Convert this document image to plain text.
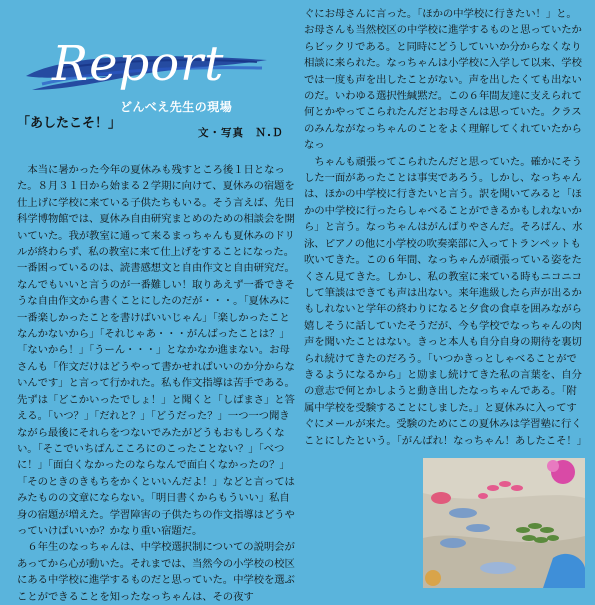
Report
どんべえ先生の現場
「あしたこそ！」
文・写真　Ｎ.Ｄ

本当に暑かった今年の夏休みも残すところ後１日となった。８月３１日から始まる２学期に向けて、夏休みの宿題を仕上げに学校に来ている子供たちもいる。そう言えば、先日科学博物館では、夏休み自由研究まとめのための相談会を開いていた。我が教室に通って来るまっちゃんも夏休みのドリルが終わらず、私の教室に来て仕上げをすることになった。一番困っているのは、読書感想文と自由作文と自由研究だ。なんでもいいと言うのが一番難しい！取りあえず一番できそうな自由作文から書くことにしたのだが・・・。「夏休みに一番楽しかったことを書けばいいじゃん」「楽しかったことなんかないから」「それじゃあ・・・がんばったことは？」「ないから！」「うーん・・・」となかなか進まない。お母さんも「作文だけはどうやって書かせればいいのか分からないんです」と言って行かれた。私も作文指導は苦手である。先ずは「どこかいったでしょ！」と聞くと「しばまさ」と答える。「いつ？」「だれと？」「どうだった？」一つ一つ聞きながら最後にそれらをつないでみたがどうもおもしろくない。「そこでいちばんこころにのこったことない？」「べつに！」「面白くなかったのならなんで面白くなかったの？」「そのときのきもちをかくといいんだよ！」などと言ってはみたものの文章にならない。「明日書くからもういい」私自身の宿題が増えた。学習障害の子供たちの作文指導はどうやっていけばいいか？かなり重い宿題だ。

６年生のなっちゃんは、中学校選択制についての説明会があってから心が動いた。それまでは、当然今の小学校の校区にある中学校に進学するものだと思っていた。中学校を選ぶことができることを知ったなっちゃんは、その夜す

ぐにお母さんに言った。「ほかの中学校に行きたい！」と。お母さんも当然校区の中学校に進学するものと思っていたからビックリである。と同時にどうしていいか分からなくなり相談に来られた。なっちゃんは小学校に入学して以来、学校では一度も声を出したことがない。声を出したくても出ないのだ。いわゆる選択性緘黙だ。この６年間友達に支えられて何とかやってこられたんだとお母さんは思っていた。クラスのみんながなっちゃんのことをよく理解してくれていたからなっ

ちゃんも頑張ってこられたんだと思っていた。確かにそうした一面があったことは事実であろう。しかし、なっちゃんは、ほかの中学校に行きたいと言う。訳を聞いてみると「ほかの中学校に行ったらしゃべることができるかもしれないから」と言う。なっちゃんはがんばりやさんだ。そろばん、水泳、ピアノの他に小学校の吹奏楽部に入ってトランペットも吹いてきた。この６年間、なっちゃんが頑張っている姿をたくさん見てきた。しかし、私の教室に来ている時もニコニコして筆談はできても声は出ない。来年進級したら声が出るかもしれないと学年の終わりになると夕食の食卓を囲みながら嬉しそうに話していたそうだが、今も学校でなっちゃんの肉声を聞いたことはない。きっと本人も自分自身の期待を裏切られ続けてきたのだろう。「いつかきっとしゃべることができるようになるから」と励まし続けてきた私の言葉を、自分の意志で何とかしようと動き出したなっちゃんである。「附属中学校を受験することにしました。」と夏休みに入ってすぐにメールが来た。受験のためにこの夏休みは学習塾に行くことにしたという。「がんばれ！なっちゃん！あしたこそ！」
